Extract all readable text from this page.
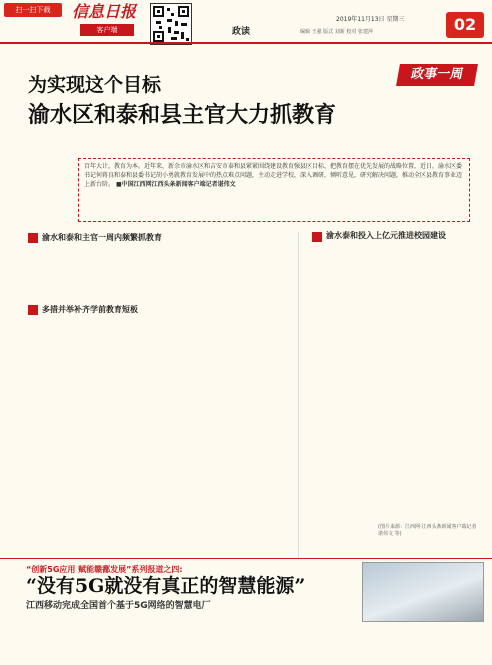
扫一扫下载	信息日报
客户端	政读
2019年11月13日 星期三
编辑 王强 版式 刘新 校对 张建萍	02
政事一周
为实现这个目标
渝水区和泰和县主官大力抓教育
百年大计，教育为本。近年来，新余市渝水区和吉安市泰和县紧紧围绕建设教育强县区目标，把教育摆在优先发展的战略位置，近日，渝水区委书记何蒋良和泰和县委书记胡小勇就教育发展中的热点难点问题，主动走进学校，深入调研，倾听意见，研究解决问题，推动全区县教育事业迈上新台阶。 ■中国江西网江西头条新闻客户端记者谌伟文
渝水和泰和主官一周内频繁抓教育

多措并举补齐学前教育短板
渝水泰和投入上亿元推进校园建设
(图片来源：江西网·江西头条新闻客户端记者 谌伟文 等)
“创新5G应用 赋能赣鄱发展”系列报道之四:
“没有5G就没有真正的智慧能源”
江西移动完成全国首个基于5G网络的智慧电厂
